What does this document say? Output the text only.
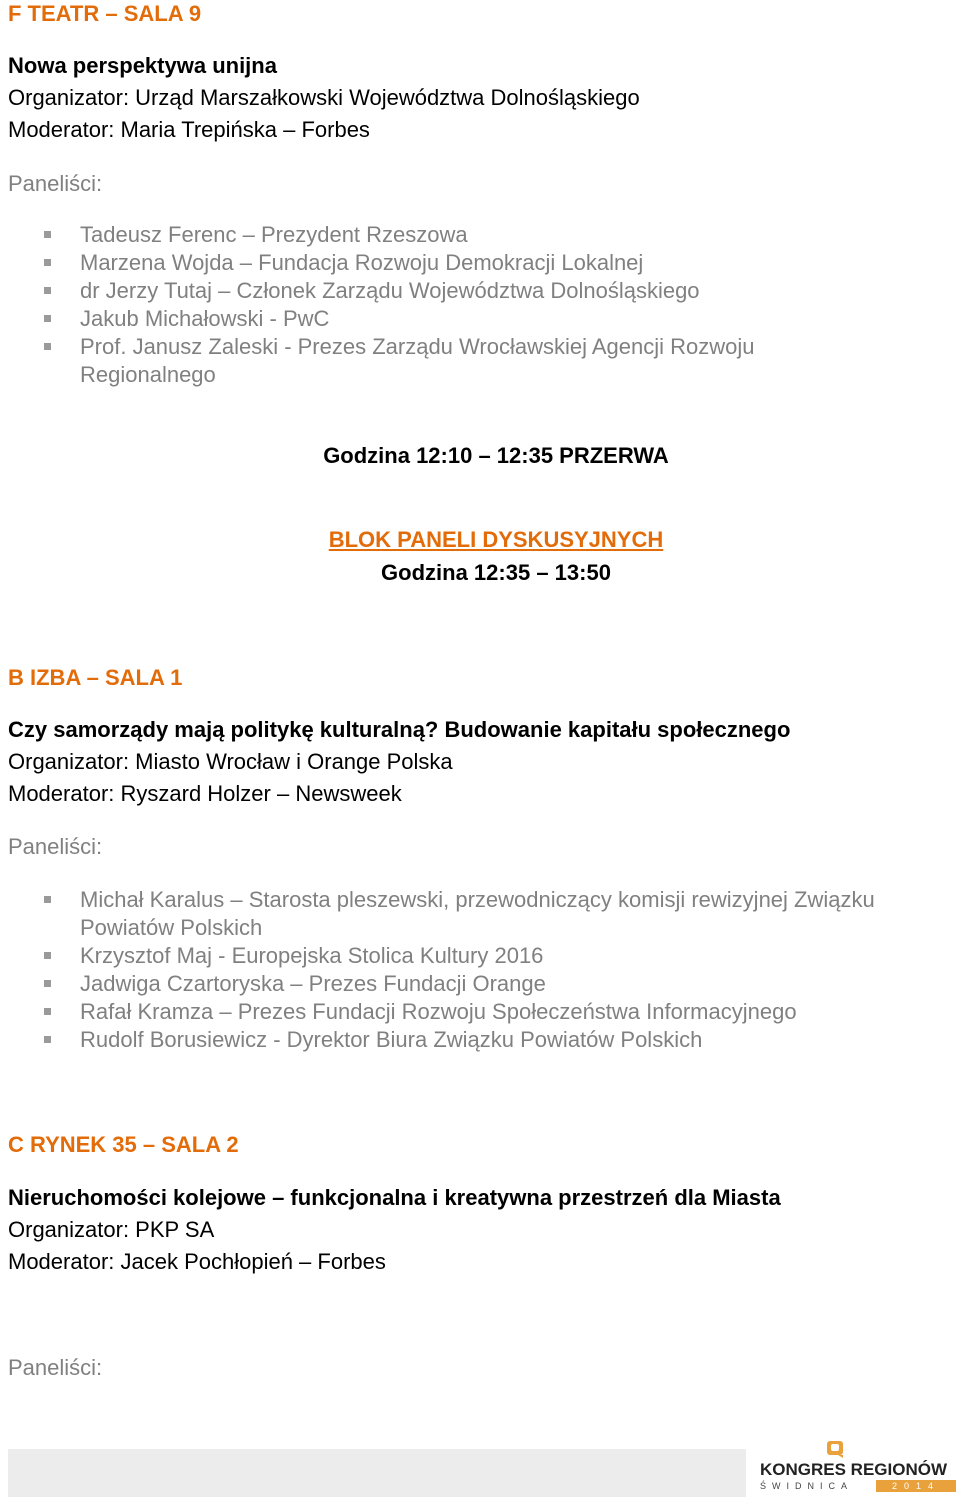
F TEATR – SALA 9
Nowa perspektywa unijna
Organizator: Urząd Marszałkowski Województwa Dolnośląskiego
Moderator: Maria Trepińska – Forbes
Paneliści:
Tadeusz Ferenc – Prezydent Rzeszowa
Marzena Wojda – Fundacja Rozwoju Demokracji Lokalnej
dr Jerzy Tutaj – Członek Zarządu Województwa Dolnośląskiego
Jakub Michałowski - PwC
Prof. Janusz Zaleski - Prezes Zarządu Wrocławskiej Agencji Rozwoju
Regionalnego
Godzina 12:10 – 12:35 PRZERWA
BLOK PANELI DYSKUSYJNYCH
Godzina 12:35 – 13:50
B IZBA – SALA 1
Czy samorządy mają politykę kulturalną? Budowanie kapitału społecznego
Organizator: Miasto Wrocław i Orange Polska
Moderator: Ryszard Holzer – Newsweek
Paneliści:
Michał Karalus – Starosta pleszewski, przewodniczący komisji rewizyjnej Związku
Powiatów Polskich
Krzysztof Maj - Europejska Stolica Kultury 2016
Jadwiga Czartoryska – Prezes Fundacji Orange
Rafał Kramza – Prezes Fundacji Rozwoju Społeczeństwa Informacyjnego
Rudolf Borusiewicz - Dyrektor Biura Związku Powiatów Polskich
C RYNEK 35 – SALA 2
Nieruchomości kolejowe – funkcjonalna i kreatywna przestrzeń dla Miasta
Organizator: PKP SA
Moderator: Jacek Pochłopień – Forbes
Paneliści:
KONGRES REGIONÓW
ŚWIDNICA	2014
